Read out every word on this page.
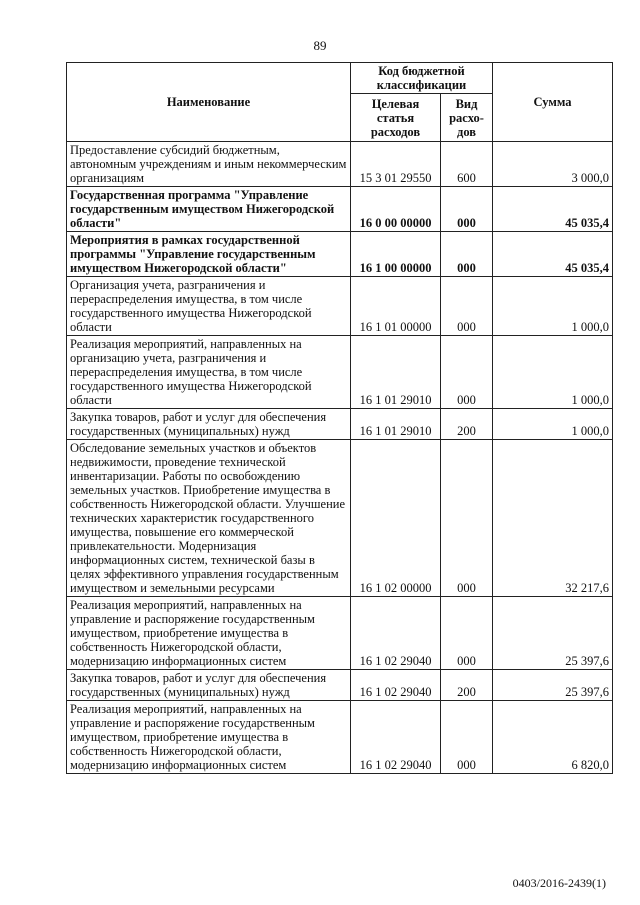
89
Наименование	Код бюджетной классификации		Сумма
	Целевая статья расходов	Вид расхо-дов	
Предоставление субсидий бюджетным, автономным учреждениям и иным некоммерческим организациям	15 3 01 29550	600	3 000,0
Государственная программа "Управление государственным имуществом Нижегородской области"	16 0 00 00000	000	45 035,4
Мероприятия в рамках государственной программы "Управление государственным имуществом Нижегородской области"	16 1 00 00000	000	45 035,4
Организация учета, разграничения и перераспределения имущества, в том числе государственного имущества Нижегородской области	16 1 01 00000	000	1 000,0
Реализация мероприятий, направленных на организацию учета, разграничения и перераспределения имущества, в том числе государственного имущества Нижегородской области	16 1 01 29010	000	1 000,0
Закупка товаров, работ и услуг для обеспечения государственных (муниципальных) нужд	16 1 01 29010	200	1 000,0
Обследование земельных участков и объектов недвижимости, проведение технической инвентаризации. Работы по освобождению земельных участков. Приобретение имущества в собственность Нижегородской области. Улучшение технических характеристик государственного имущества, повышение его коммерческой привлекательности. Модернизация информационных систем, технической базы в целях эффективного управления государственным имуществом и земельными ресурсами	16 1 02 00000	000	32 217,6
Реализация мероприятий, направленных на управление и распоряжение государственным имуществом, приобретение имущества в собственность Нижегородской области, модернизацию информационных систем	16 1 02 29040	000	25 397,6
Закупка товаров, работ и услуг для обеспечения государственных (муниципальных) нужд	16 1 02 29040	200	25 397,6
Реализация мероприятий, направленных на управление и распоряжение государственным имуществом, приобретение имущества в собственность Нижегородской области, модернизацию информационных систем	16 1 02 29040	000	6 820,0
0403/2016-2439(1)
